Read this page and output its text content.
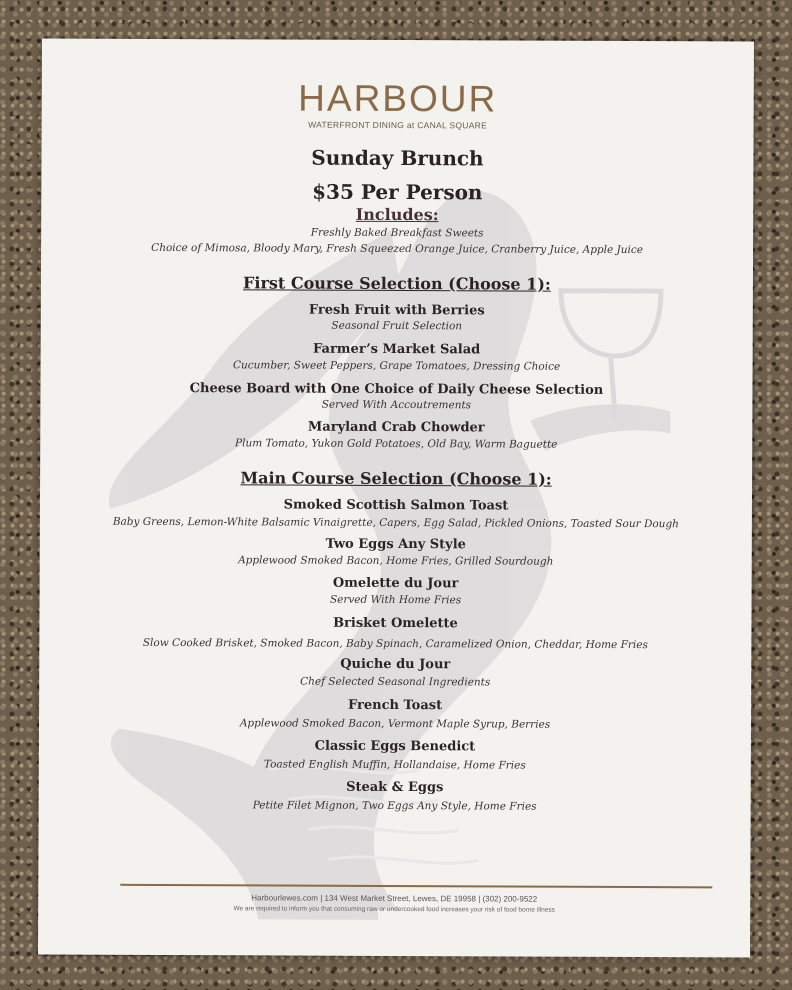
HARBOUR
WATERFRONT DINING at CANAL SQUARE
Sunday Brunch
$35 Per Person
Includes:
Freshly Baked Breakfast Sweets
Choice of Mimosa, Bloody Mary, Fresh Squeezed Orange Juice, Cranberry Juice, Apple Juice
First Course Selection (Choose 1):
Fresh Fruit with Berries
Seasonal Fruit Selection
Farmer’s Market Salad
Cucumber, Sweet Peppers, Grape Tomatoes, Dressing Choice
Cheese Board with One Choice of Daily Cheese Selection
Served With Accoutrements
Maryland Crab Chowder
Plum Tomato, Yukon Gold Potatoes, Old Bay, Warm Baguette
Main Course Selection (Choose 1):
Smoked Scottish Salmon Toast
Baby Greens, Lemon-White Balsamic Vinaigrette, Capers, Egg Salad, Pickled Onions, Toasted Sour Dough
Two Eggs Any Style
Applewood Smoked Bacon, Home Fries, Grilled Sourdough
Omelette du Jour
Served With Home Fries
Brisket Omelette
Slow Cooked Brisket, Smoked Bacon, Baby Spinach, Caramelized Onion, Cheddar, Home Fries
Quiche du Jour
Chef Selected Seasonal Ingredients
French Toast
Applewood Smoked Bacon, Vermont Maple Syrup, Berries
Classic Eggs Benedict
Toasted English Muffin, Hollandaise, Home Fries
Steak & Eggs
Petite Filet Mignon, Two Eggs Any Style, Home Fries
Harbourlewes.com | 134 West Market Street, Lewes, DE 19958 | (302) 200-9522
We are required to inform you that consuming raw or undercooked food increases your risk of food borne illness
